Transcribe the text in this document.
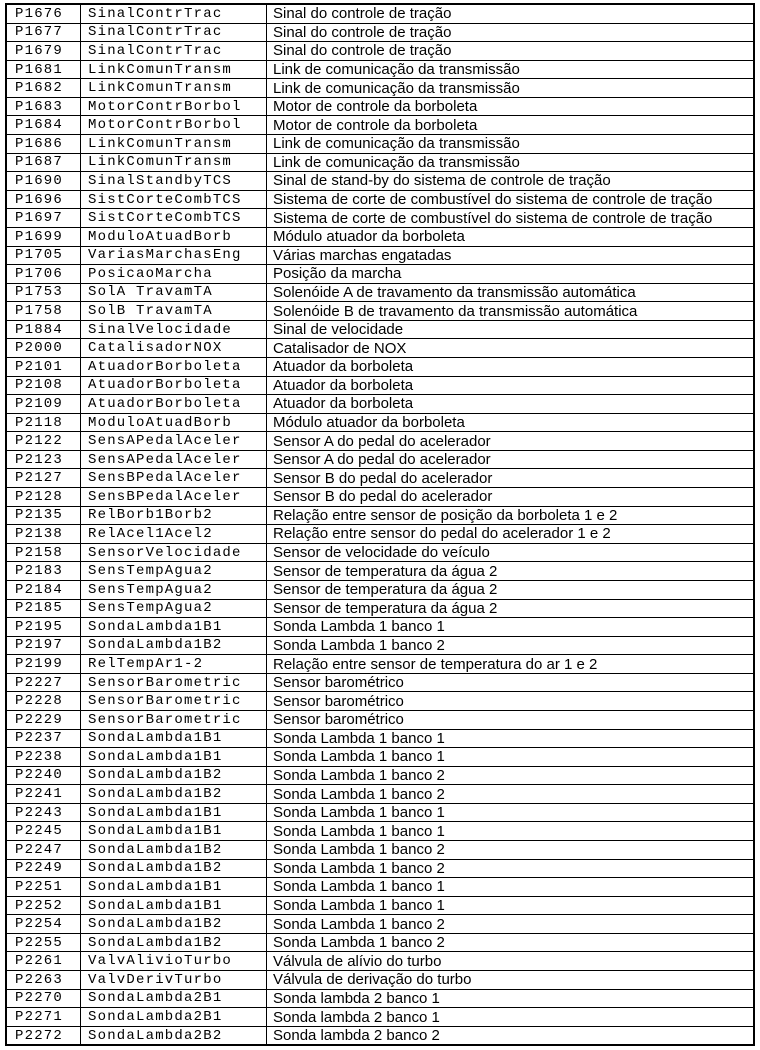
P1676	SinalContrTrac	Sinal do controle de tração
P1677	SinalContrTrac	Sinal do controle de tração
P1679	SinalContrTrac	Sinal do controle de tração
P1681	LinkComunTransm	Link de comunicação da transmissão
P1682	LinkComunTransm	Link de comunicação da transmissão
P1683	MotorContrBorbol	Motor de controle da borboleta
P1684	MotorContrBorbol	Motor de controle da borboleta
P1686	LinkComunTransm	Link de comunicação da transmissão
P1687	LinkComunTransm	Link de comunicação da transmissão
P1690	SinalStandbyTCS	Sinal de stand-by do sistema de controle de tração
P1696	SistCorteCombTCS	Sistema de corte de combustível do sistema de controle de tração
P1697	SistCorteCombTCS	Sistema de corte de combustível do sistema de controle de tração
P1699	ModuloAtuadBorb	Módulo atuador da borboleta
P1705	VariasMarchasEng	Várias marchas engatadas
P1706	PosicaoMarcha	Posição da marcha
P1753	SolA TravamTA	Solenóide A de travamento da transmissão automática
P1758	SolB TravamTA	Solenóide B de travamento da transmissão automática
P1884	SinalVelocidade	Sinal de velocidade
P2000	CatalisadorNOX	Catalisador de NOX
P2101	AtuadorBorboleta	Atuador da borboleta
P2108	AtuadorBorboleta	Atuador da borboleta
P2109	AtuadorBorboleta	Atuador da borboleta
P2118	ModuloAtuadBorb	Módulo atuador da borboleta
P2122	SensAPedalAceler	Sensor A do pedal do acelerador
P2123	SensAPedalAceler	Sensor A do pedal do acelerador
P2127	SensBPedalAceler	Sensor B do pedal do acelerador
P2128	SensBPedalAceler	Sensor B do pedal do acelerador
P2135	RelBorb1Borb2	Relação entre sensor de posição da borboleta 1 e 2
P2138	RelAcel1Acel2	Relação entre sensor do pedal do acelerador 1 e 2
P2158	SensorVelocidade	Sensor de velocidade do veículo
P2183	SensTempAgua2	Sensor de temperatura da água 2
P2184	SensTempAgua2	Sensor de temperatura da água 2
P2185	SensTempAgua2	Sensor de temperatura da água 2
P2195	SondaLambda1B1	Sonda Lambda 1 banco 1
P2197	SondaLambda1B2	Sonda Lambda 1 banco 2
P2199	RelTempAr1-2	Relação entre sensor de temperatura do ar 1 e 2
P2227	SensorBarometric	Sensor barométrico
P2228	SensorBarometric	Sensor barométrico
P2229	SensorBarometric	Sensor barométrico
P2237	SondaLambda1B1	Sonda Lambda 1 banco 1
P2238	SondaLambda1B1	Sonda Lambda 1 banco 1
P2240	SondaLambda1B2	Sonda Lambda 1 banco 2
P2241	SondaLambda1B2	Sonda Lambda 1 banco 2
P2243	SondaLambda1B1	Sonda Lambda 1 banco 1
P2245	SondaLambda1B1	Sonda Lambda 1 banco 1
P2247	SondaLambda1B2	Sonda Lambda 1 banco 2
P2249	SondaLambda1B2	Sonda Lambda 1 banco 2
P2251	SondaLambda1B1	Sonda Lambda 1 banco 1
P2252	SondaLambda1B1	Sonda Lambda 1 banco 1
P2254	SondaLambda1B2	Sonda Lambda 1 banco 2
P2255	SondaLambda1B2	Sonda Lambda 1 banco 2
P2261	ValvAlivioTurbo	Válvula de alívio do turbo
P2263	ValvDerivTurbo	Válvula de derivação do turbo
P2270	SondaLambda2B1	Sonda lambda 2 banco 1
P2271	SondaLambda2B1	Sonda lambda 2 banco 1
P2272	SondaLambda2B2	Sonda lambda 2 banco 2
